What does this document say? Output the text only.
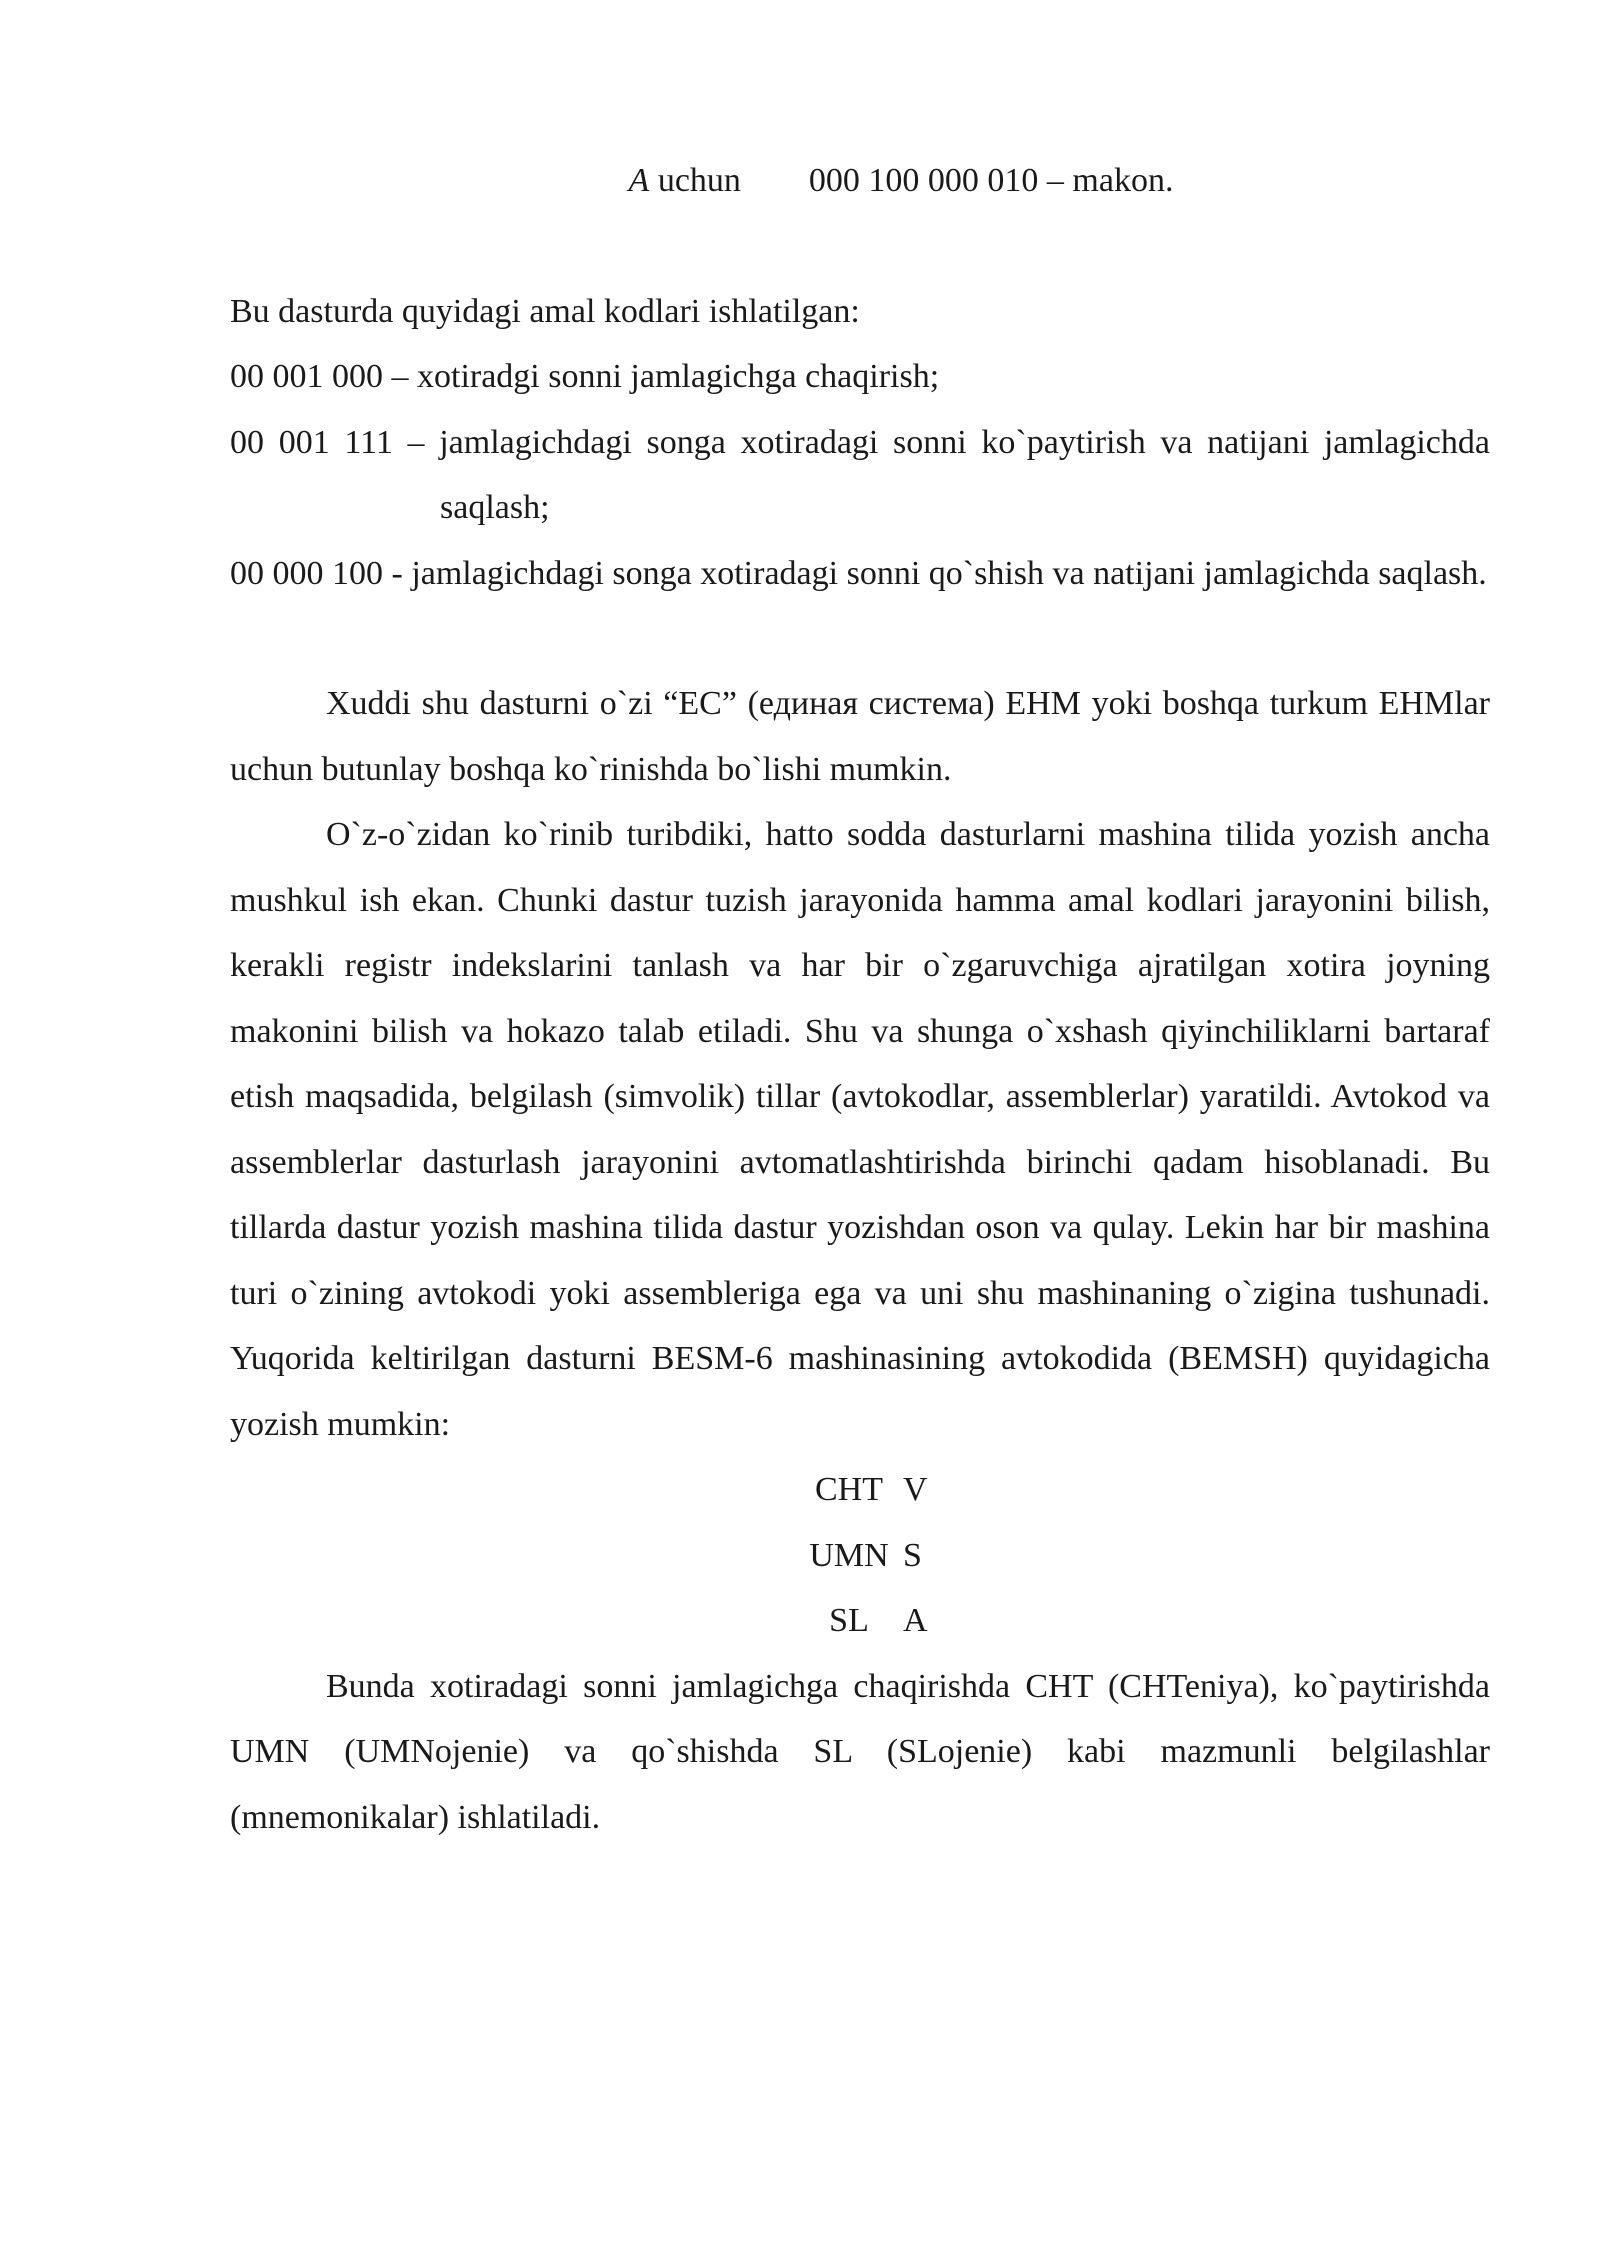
A uchun 000 100 000 010 – makon.
Bu dasturda quyidagi amal kodlari ishlatilgan:
00 001 000 – xotiradgi sonni jamlagichga chaqirish;
00 001 111 – jamlagichdagi songa xotiradagi sonni ko`paytirish va natijani jamlagichda saqlash;
00 000 100 - jamlagichdagi songa xotiradagi sonni qo`shish va natijani jamlagichda saqlash.

Xuddi shu dasturni o`zi “EC” (единая система) EHM yoki boshqa turkum EHMlar uchun butunlay boshqa ko`rinishda bo`lishi mumkin.

O`z-o`zidan ko`rinib turibdiki, hatto sodda dasturlarni mashina tilida yozish ancha mushkul ish ekan. Chunki dastur tuzish jarayonida hamma amal kodlari jarayonini bilish, kerakli registr indekslarini tanlash va har bir o`zgaruvchiga ajratilgan xotira joyning makonini bilish va hokazo talab etiladi. Shu va shunga o`xshash qiyinchiliklarni bartaraf etish maqsadida, belgilash (simvolik) tillar (avtokodlar, assemblerlar) yaratildi. Avtokod va assemblerlar dasturlash jarayonini avtomatlashtirishda birinchi qadam hisoblanadi. Bu tillarda dastur yozish mashina tilida dastur yozishdan oson va qulay. Lekin har bir mashina turi o`zining avtokodi yoki assembleriga ega va uni shu mashinaning o`zigina tushunadi. Yuqorida keltirilgan dasturni BESM-6 mashinasining avtokodida (BEMSH) quyidagicha yozish mumkin:

CHT V
UMN S
SL	A

Bunda xotiradagi sonni jamlagichga chaqirishda CHT (CHTeniya), ko`paytirishda UMN (UMNojenie) va qo`shishda SL (SLojenie) kabi mazmunli belgilashlar (mnemonikalar) ishlatiladi.
